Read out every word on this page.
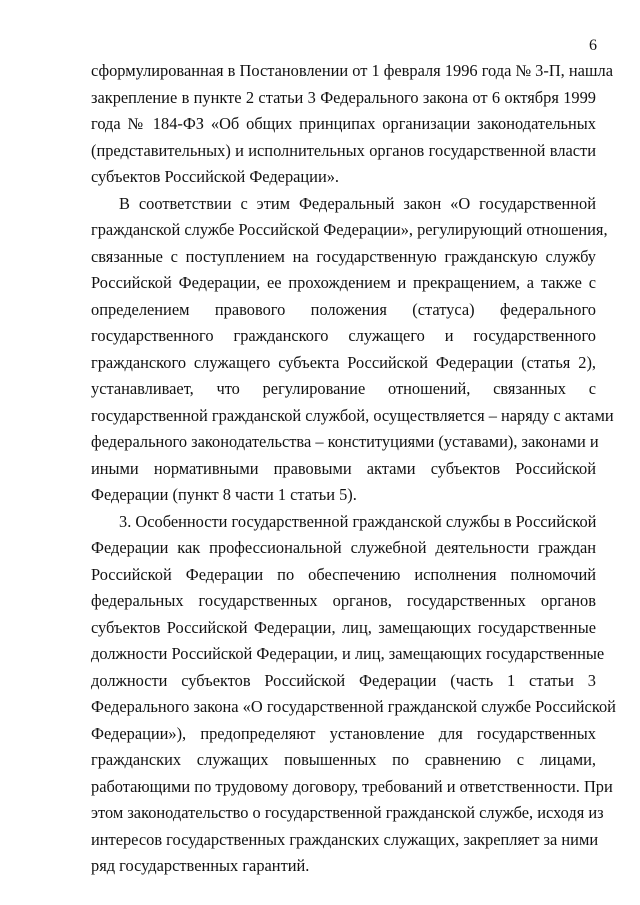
6
сформулированная в Постановлении от 1 февраля 1996 года № 3-П, нашла
закрепление в пункте 2 статьи 3 Федерального закона от 6 октября 1999
года № 184-ФЗ «Об общих принципах организации законодательных
(представительных) и исполнительных органов государственной власти
субъектов Российской Федерации».
В соответствии с этим Федеральный закон «О государственной
гражданской службе Российской Федерации», регулирующий отношения,
связанные с поступлением на государственную гражданскую службу
Российской Федерации, ее прохождением и прекращением, а также с
определением правового положения (статуса) федерального
государственного гражданского служащего и государственного
гражданского служащего субъекта Российской Федерации (статья 2),
устанавливает, что регулирование отношений, связанных с
государственной гражданской службой, осуществляется – наряду с актами
федерального законодательства – конституциями (уставами), законами и
иными нормативными правовыми актами субъектов Российской
Федерации (пункт 8 части 1 статьи 5).
3. Особенности государственной гражданской службы в Российской
Федерации как профессиональной служебной деятельности граждан
Российской Федерации по обеспечению исполнения полномочий
федеральных государственных органов, государственных органов
субъектов Российской Федерации, лиц, замещающих государственные
должности Российской Федерации, и лиц, замещающих государственные
должности субъектов Российской Федерации (часть 1 статьи 3
Федерального закона «О государственной гражданской службе Российской
Федерации»), предопределяют установление для государственных
гражданских служащих повышенных по сравнению с лицами,
работающими по трудовому договору, требований и ответственности. При
этом законодательство о государственной гражданской службе, исходя из
интересов государственных гражданских служащих, закрепляет за ними
ряд государственных гарантий.
